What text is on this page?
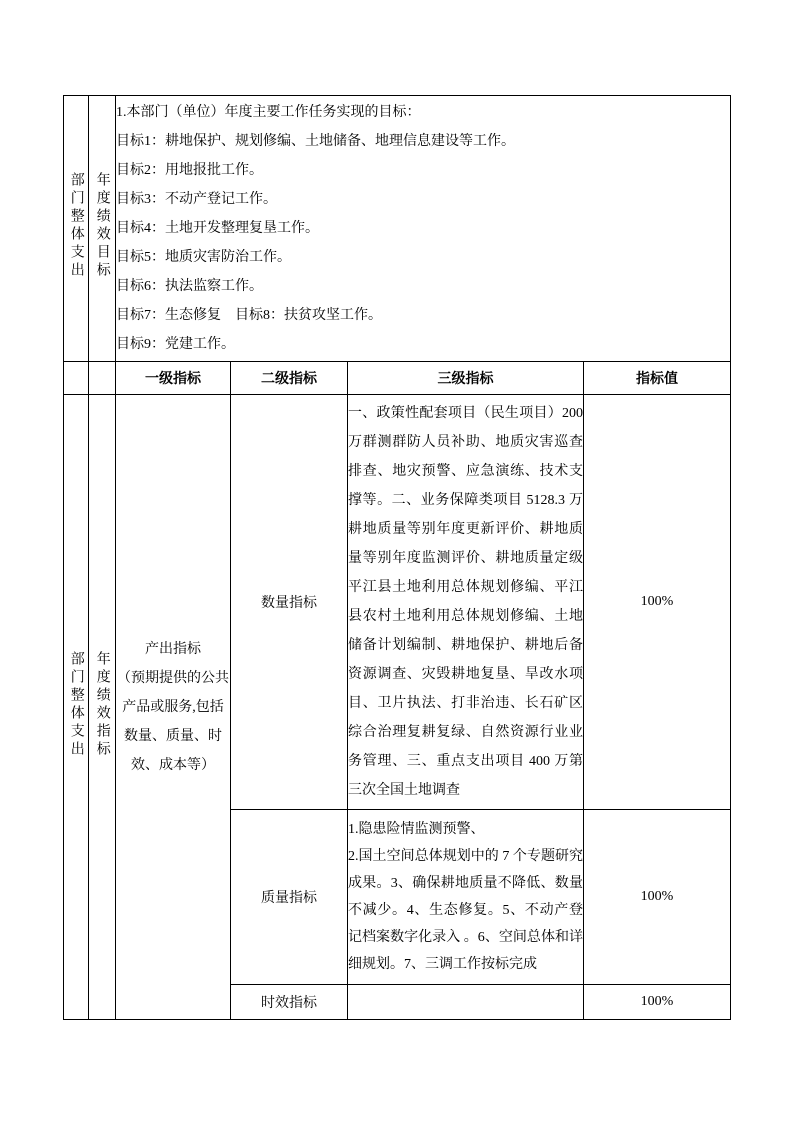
部门整体支出	年度绩效目标	
1.本部门（单位）年度主要工作任务实现的目标：
目标1：耕地保护、规划修编、土地储备、地理信息建设等工作。
目标2：用地报批工作。
目标3：不动产登记工作。
目标4：土地开发整理复垦工作。
目标5：地质灾害防治工作。
目标6：执法监察工作。
目标7：生态修复　目标8：扶贫攻坚工作。
目标9：党建工作。

		一级指标	二级指标	三级指标	指标值
部门整体支出	年度绩效指标	产出指标
（预期提供的公共产品或服务,包括数量、质量、时效、成本等）	数量指标	一、政策性配套项目（民生项目）200 万群测群防人员补助、地质灾害巡查排查、地灾预警、应急演练、技术支撑等。二、业务保障类项目 5128.3 万耕地质量等别年度更新评价、耕地质量等别年度监测评价、耕地质量定级平江县土地利用总体规划修编、平江县农村土地利用总体规划修编、土地储备计划编制、耕地保护、耕地后备资源调查、灾毁耕地复垦、旱改水项目、卫片执法、打非治违、长石矿区综合治理复耕复绿、自然资源行业业务管理、三、重点支出项目 400 万第三次全国土地调查	100%
			质量指标	1.隐患险情监测预警、
2.国土空间总体规划中的 7 个专题研究成果。3、确保耕地质量不降低、数量不减少。4、生态修复。5、不动产登记档案数字化录入 。6、空间总体和详细规划。7、三调工作按标完成	100%
			时效指标		100%
